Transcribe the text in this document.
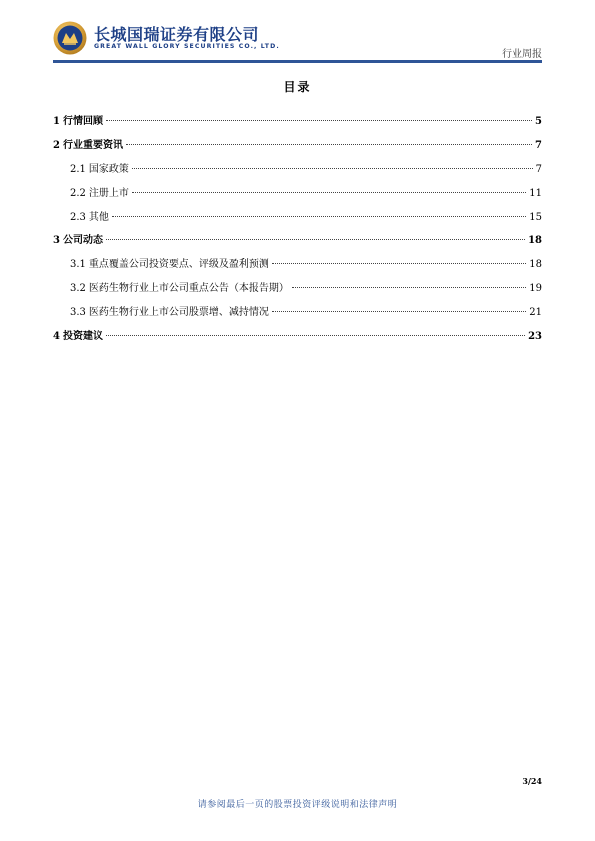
长城国瑞证券有限公司
GREAT WALL GLORY SECURITIES CO., LTD.
行业周报
目录
1 行情回顾	5
2 行业重要资讯	7
2.1 国家政策	7
2.2 注册上市	11
2.3 其他	15
3 公司动态	18
3.1 重点覆盖公司投资要点、评级及盈利预测	18
3.2 医药生物行业上市公司重点公告（本报告期）	19
3.3 医药生物行业上市公司股票增、减持情况	21
4 投资建议	23
3/24
请参阅最后一页的股票投资评级说明和法律声明
